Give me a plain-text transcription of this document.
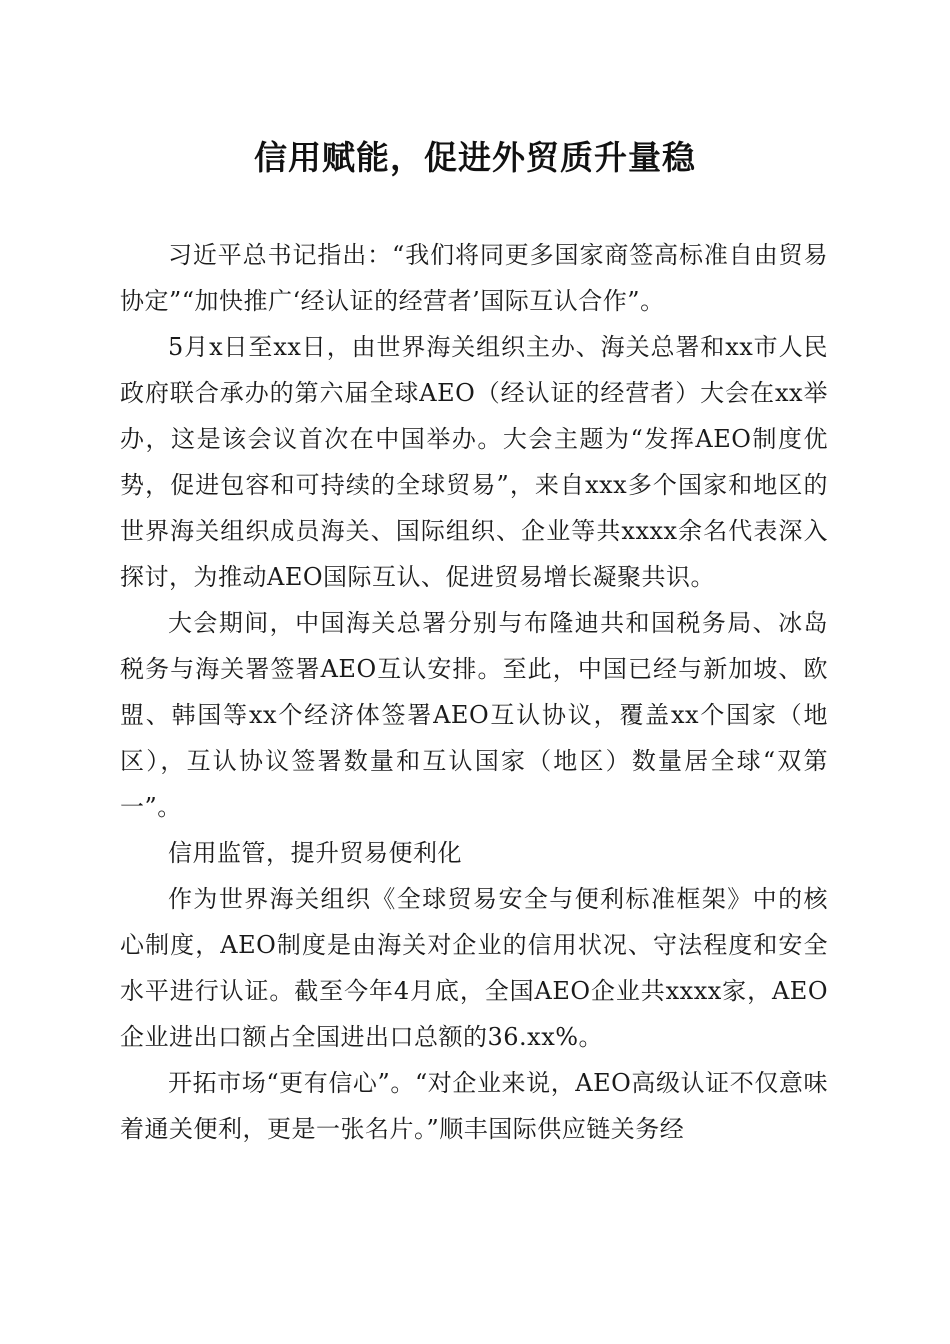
信用赋能，促进外贸质升量稳

习近平总书记指出：“我们将同更多国家商签高标准自由贸易协定”“加快推广‘经认证的经营者’国际互认合作”。

5月x日至xx日，由世界海关组织主办、海关总署和xx市人民政府联合承办的第六届全球AEO（经认证的经营者）大会在xx举办，这是该会议首次在中国举办。大会主题为“发挥AEO制度优势，促进包容和可持续的全球贸易”，来自xxx多个国家和地区的世界海关组织成员海关、国际组织、企业等共xxxx余名代表深入探讨，为推动AEO国际互认、促进贸易增长凝聚共识。

大会期间，中国海关总署分别与布隆迪共和国税务局、冰岛税务与海关署签署AEO互认安排。至此，中国已经与新加坡、欧盟、韩国等xx个经济体签署AEO互认协议，覆盖xx个国家（地区），互认协议签署数量和互认国家（地区）数量居全球“双第一”。

信用监管，提升贸易便利化

作为世界海关组织《全球贸易安全与便利标准框架》中的核心制度，AEO制度是由海关对企业的信用状况、守法程度和安全水平进行认证。截至今年4月底，全国AEO企业共xxxx家，AEO企业进出口额占全国进出口总额的36.xx%。

开拓市场“更有信心”。“对企业来说，AEO高级认证不仅意味着通关便利，更是一张名片。”顺丰国际供应链关务经
